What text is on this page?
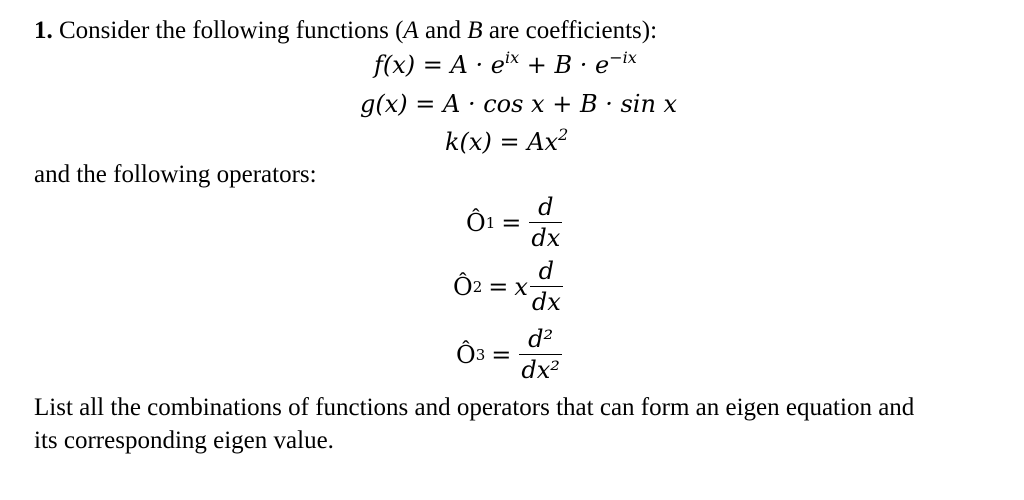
1. Consider the following functions (A and B are coefficients):
$f(x) = A \cdot e^{ix} + B \cdot e^{-ix}$
g(x) = A · cos x + B · sin x
$k(x) = Ax^2$
and the following operators:
Ô $1 = \frac{d}{dx}$
Ô 2 = x $\frac{d}{dx}$
Ô $3 = \frac{\text{d²}}{\text{dx²}}$
List all the combinations of functions and operators that can form an eigen equation and
its corresponding eigen value.
